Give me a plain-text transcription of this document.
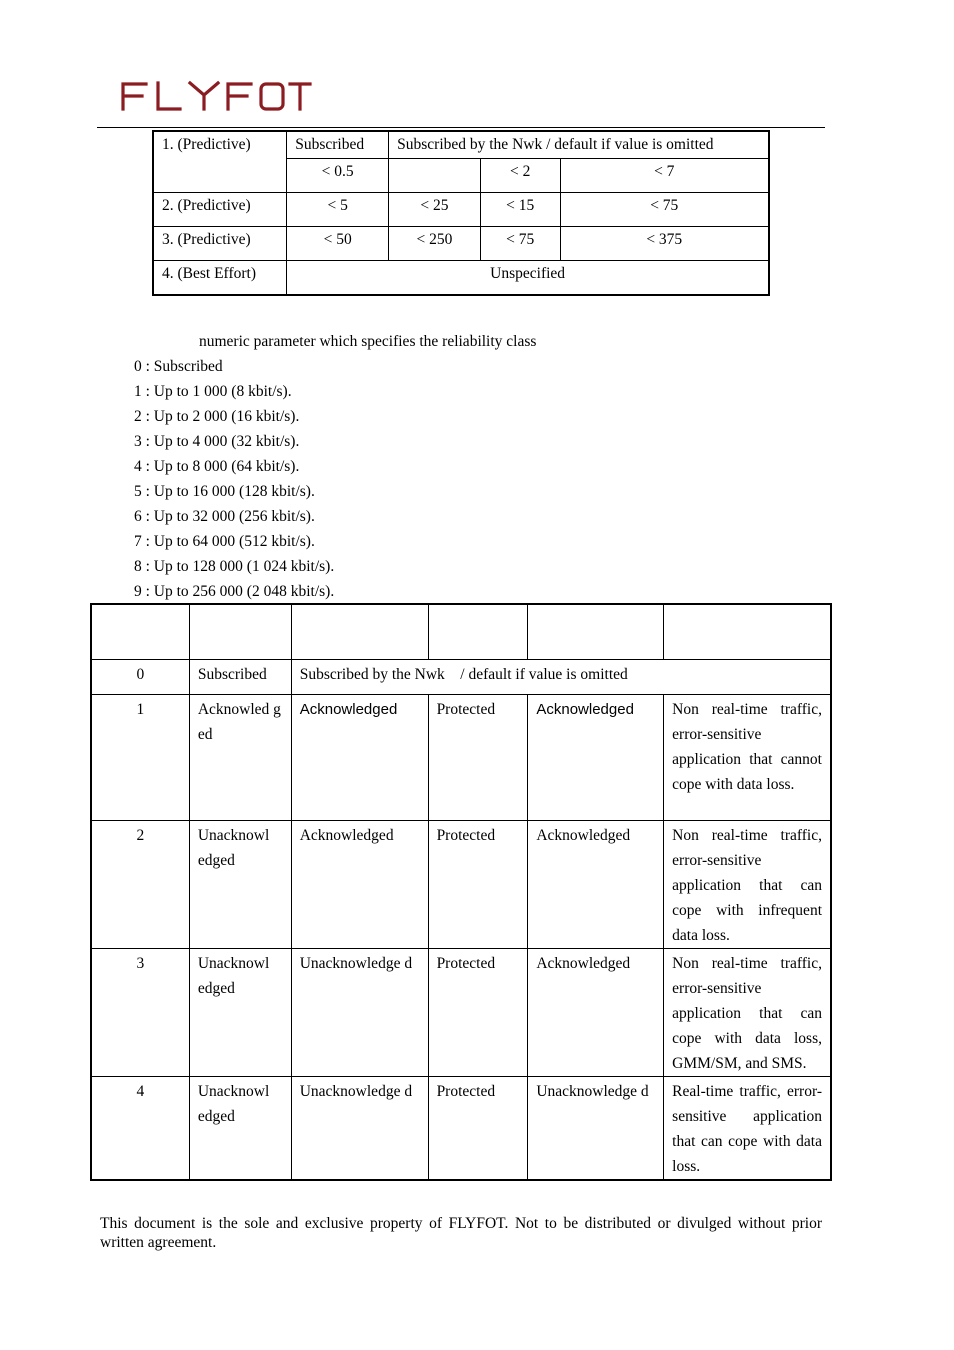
1. (Predictive)	Subscribed	Subscribed by the Nwk / default if value is omitted		
	< 0.5		< 2	< 7
2. (Predictive)	< 5	< 25	< 15	< 75
3. (Predictive)	< 50	< 250	< 75	< 375
4. (Best Effort)	Unspecified			
numeric parameter which specifies the reliability class
0 : Subscribed
1 : Up to 1 000 (8 kbit/s).
2 : Up to 2 000 (16 kbit/s).
3 : Up to 4 000 (32 kbit/s).
4 : Up to 8 000 (64 kbit/s).
5 : Up to 16 000 (128 kbit/s).
6 : Up to 32 000 (256 kbit/s).
7 : Up to 64 000 (512 kbit/s).
8 : Up to 128 000 (1 024 kbit/s).
9 : Up to 256 000 (2 048 kbit/s).

0	Subscribed	Subscribed by the Nwk    / default if value is omitted			
1	Acknowled ged	Acknowledged	Protected	Acknowledged	Non real-time traffic, error-sensitive application that cannot cope with data loss.
2	Unacknowl edged	Acknowledged	Protected	Acknowledged	Non real-time traffic, error-sensitive application that can cope with infrequent data loss.
3	Unacknowl edged	Unacknowledge d	Protected	Acknowledged	Non real-time traffic, error-sensitive application that can cope with data loss, GMM/SM, and SMS.
4	Unacknowl edged	Unacknowledge d	Protected	Unacknowledge d	Real-time traffic, error-sensitive application that can cope with data loss.
This document is the sole and exclusive property of FLYFOT. Not to be distributed or divulged without prior written agreement.
